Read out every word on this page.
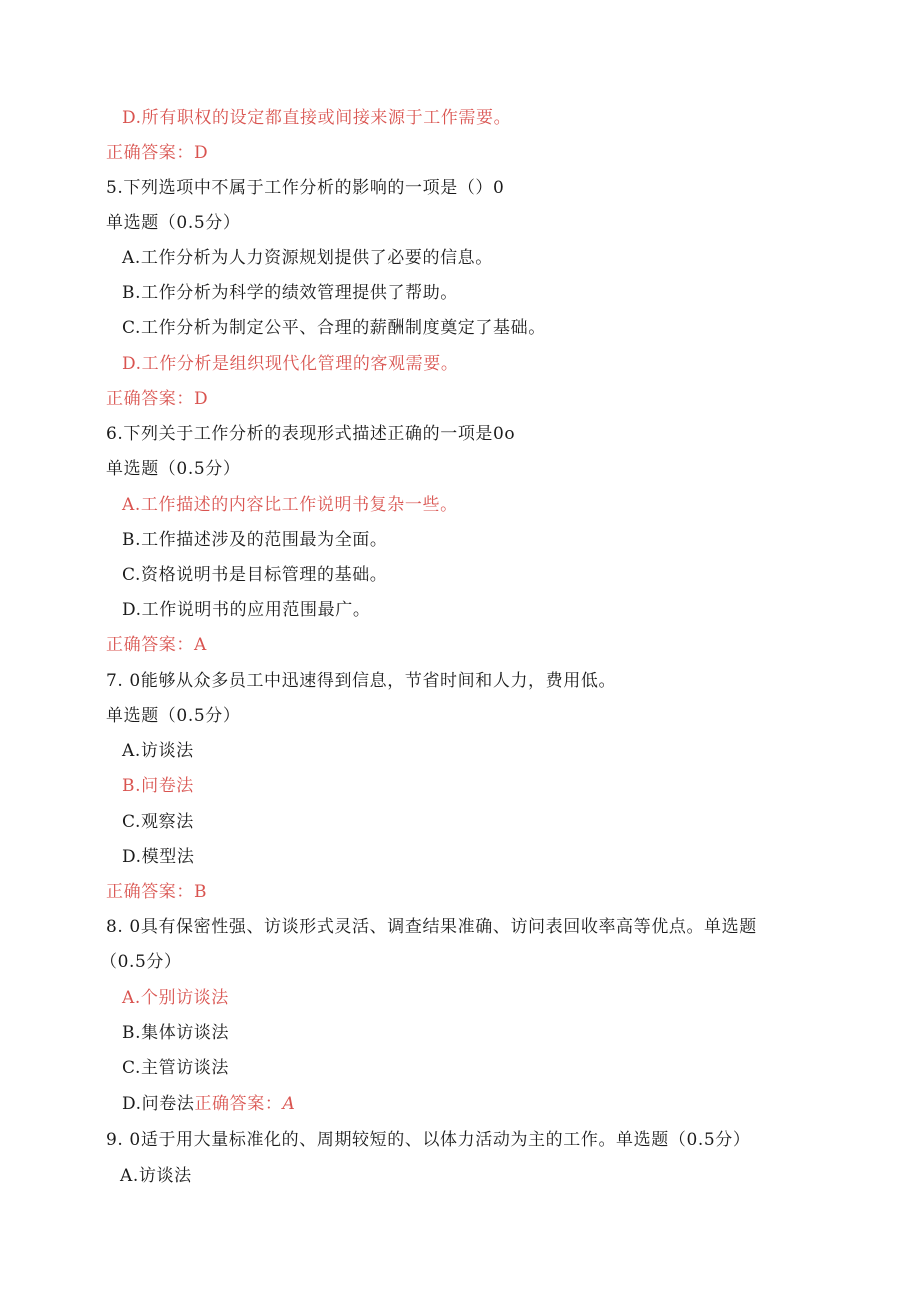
D.所有职权的设定都直接或间接来源于工作需要。
正确答案：D
5.下列选项中不属于工作分析的影响的一项是（）0
单选题（0.5分）
A.工作分析为人力资源规划提供了必要的信息。
B.工作分析为科学的绩效管理提供了帮助。
C.工作分析为制定公平、合理的薪酬制度奠定了基础。
D.工作分析是组织现代化管理的客观需要。
正确答案：D
6.下列关于工作分析的表现形式描述正确的一项是0o
单选题（0.5分）
A.工作描述的内容比工作说明书复杂一些。
B.工作描述涉及的范围最为全面。
C.资格说明书是目标管理的基础。
D.工作说明书的应用范围最广。
正确答案：A
7. 0能够从众多员工中迅速得到信息，节省时间和人力，费用低。
单选题（0.5分）
A.访谈法
B.问卷法
C.观察法
D.模型法
正确答案：B
8. 0具有保密性强、访谈形式灵活、调查结果准确、访问表回收率高等优点。单选题
（0.5分）
A.个别访谈法
B.集体访谈法
C.主管访谈法
D.问卷法正确答案：A
9. 0适于用大量标准化的、周期较短的、以体力活动为主的工作。单选题（0.5分）
A.访谈法
